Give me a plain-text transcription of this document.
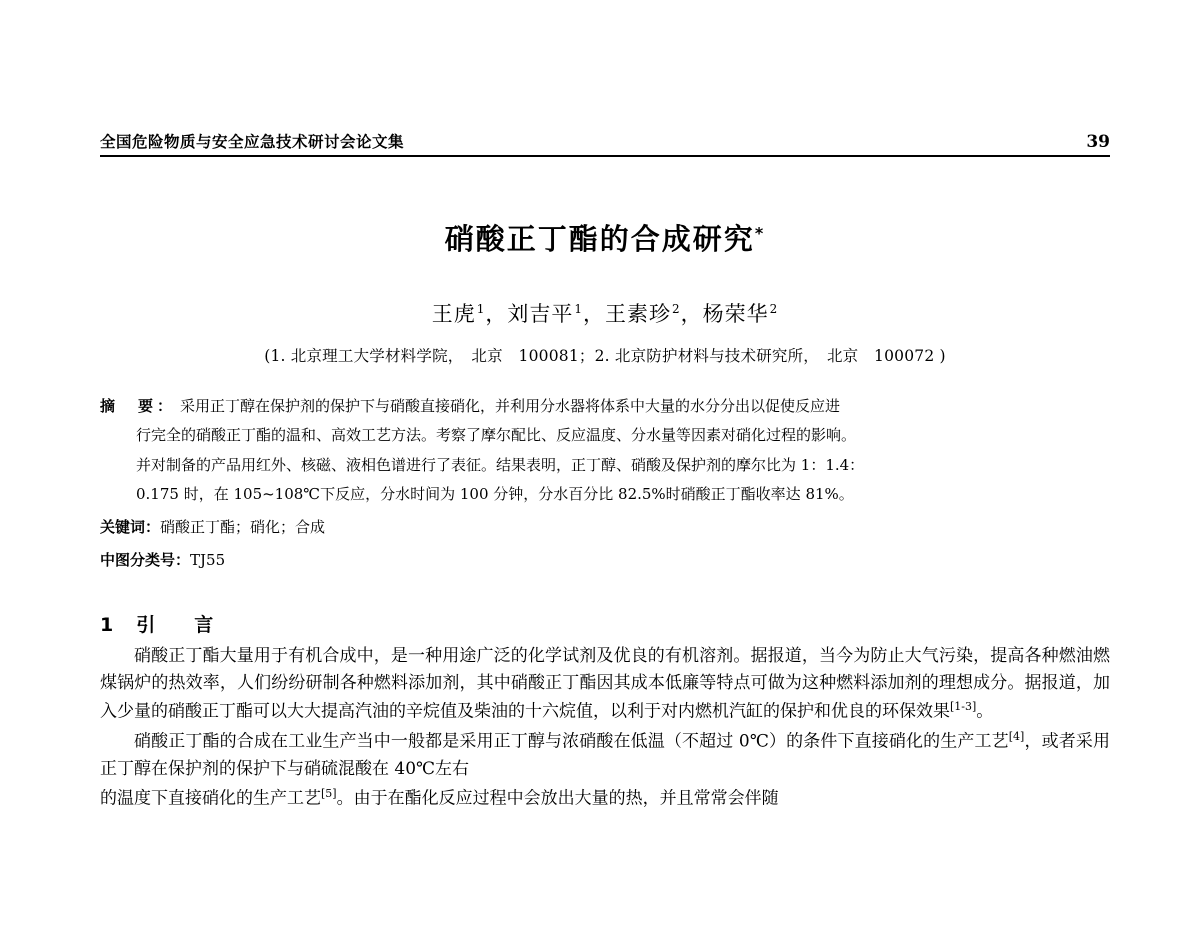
全国危险物质与安全应急技术研讨会论文集	39
硝酸正丁酯的合成研究*
王虎$^1$，刘吉平$^1$，王素珍$^2$，杨荣华$^2$
(1. 北京理工大学材料学院，　北京　100081；2. 北京防护材料与技术研究所，　北京　100072 )
摘　要： 采用正丁醇在保护剂的保护下与硝酸直接硝化，并利用分水器将体系中大量的水分分出以促使反应进
行完全的硝酸正丁酯的温和、高效工艺方法。考察了摩尔配比、反应温度、分水量等因素对硝化过程的影响。
并对制备的产品用红外、核磁、液相色谱进行了表征。结果表明，正丁醇、硝酸及保护剂的摩尔比为 1：1.4：
0.175 时，在 105~108℃下反应，分水时间为 100 分钟，分水百分比 82.5%时硝酸正丁酯收率达 81%。
关键词：硝酸正丁酯；硝化；合成
中图分类号：TJ55
1 引　言
硝酸正丁酯大量用于有机合成中，是一种用途广泛的化学试剂及优良的有机溶剂。据报道，当今为防止大气污染，提高各种燃油燃煤锅炉的热效率，人们纷纷研制各种燃料添加剂，其中硝酸正丁酯因其成本低廉等特点可做为这种燃料添加剂的理想成分。据报道，加入少量的硝酸正丁酯可以大大提高汽油的辛烷值及柴油的十六烷值，以利于对内燃机汽缸的保护和优良的环保效果[1-3]。
硝酸正丁酯的合成在工业生产当中一般都是采用正丁醇与浓硝酸在低温（不超过 0℃）的条件下直接硝化的生产工艺[4]，或者采用正丁醇在保护剂的保护下与硝硫混酸在 40℃左右
的温度下直接硝化的生产工艺[5]。由于在酯化反应过程中会放出大量的热，并且常常会伴随
